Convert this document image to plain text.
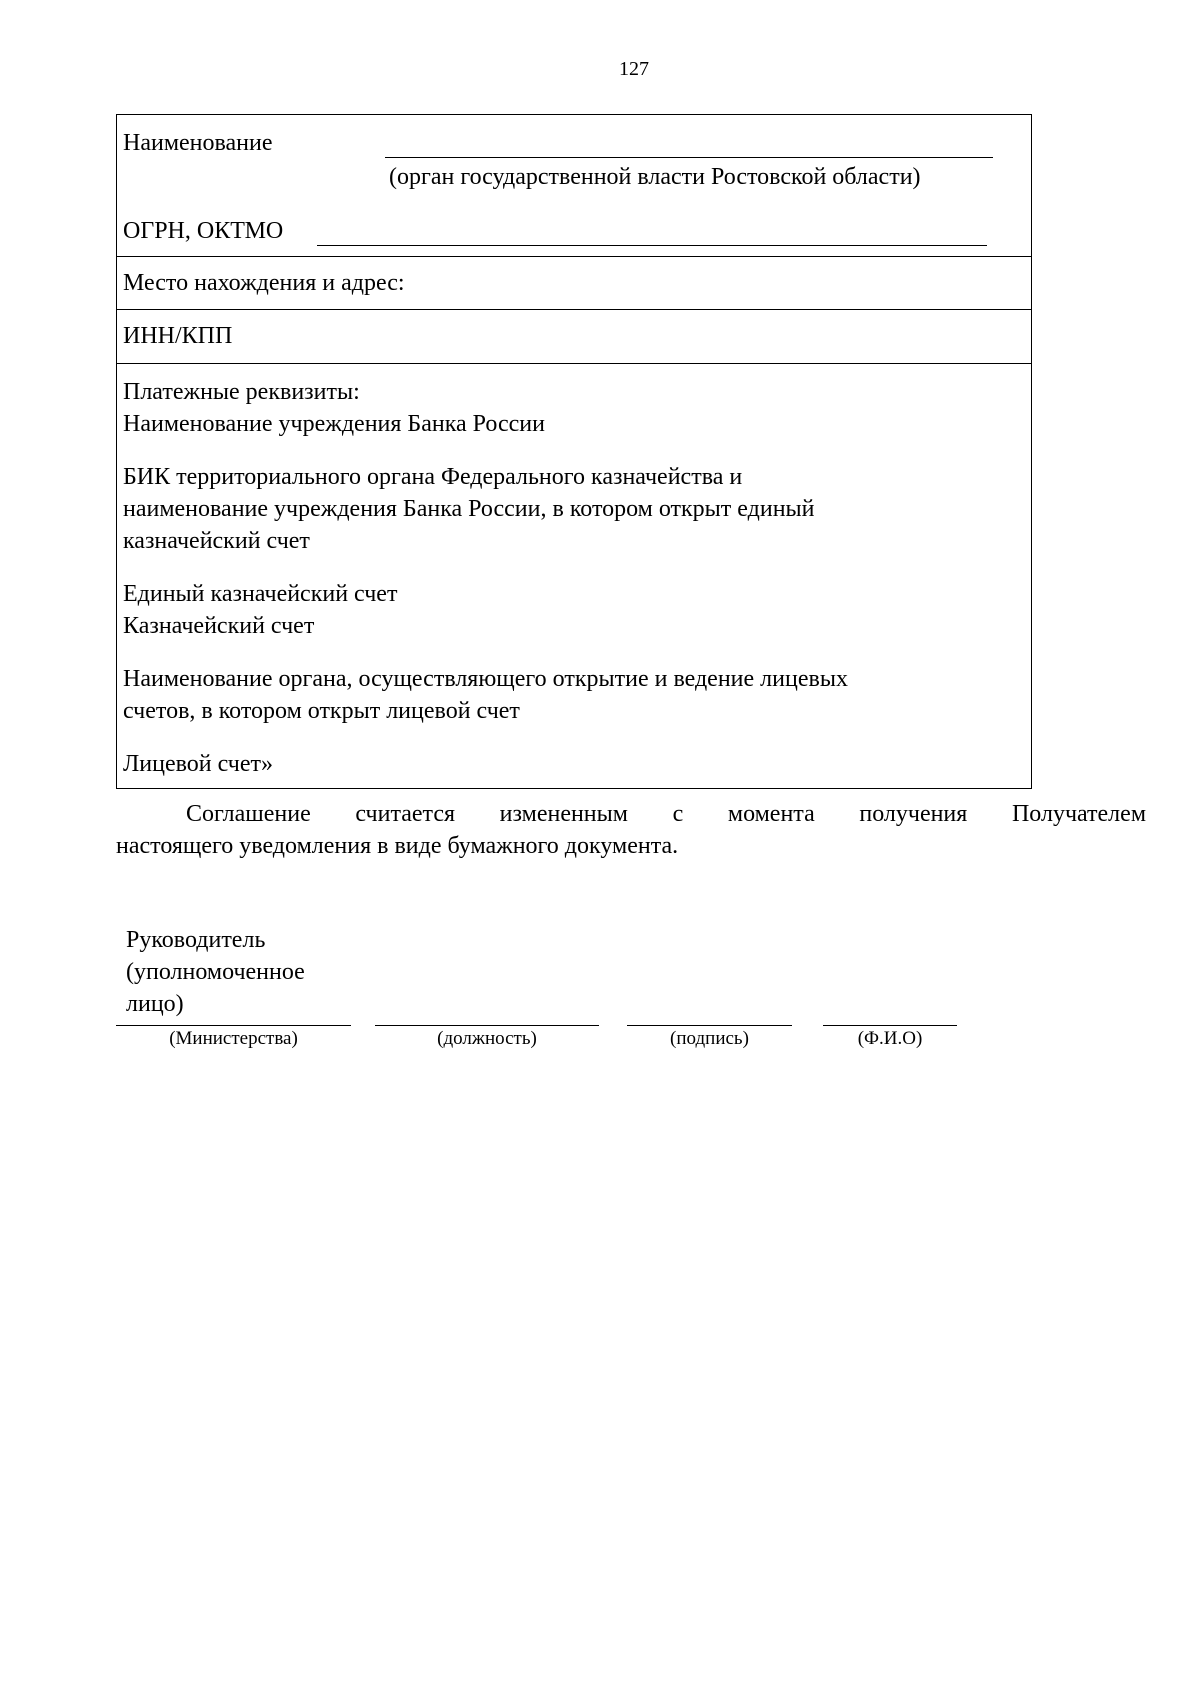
127
Наименование
(орган государственной власти Ростовской области)
ОГРН, ОКТМО
Место нахождения и адрес:
ИНН/КПП
Платежные реквизиты:
Наименование учреждения Банка России
БИК территориального органа Федерального казначейства и
наименование учреждения Банка России, в котором открыт единый
казначейский счет
Единый казначейский счет
Казначейский счет
Наименование органа, осуществляющего открытие и ведение лицевых
счетов, в котором открыт лицевой счет
Лицевой счет»
Соглашение считается измененным с момента получения Получателем
настоящего уведомления в виде бумажного документа.
Руководитель
(уполномоченное
лицо)
(Министерства)	(должность)	(подпись)	(Ф.И.О)
